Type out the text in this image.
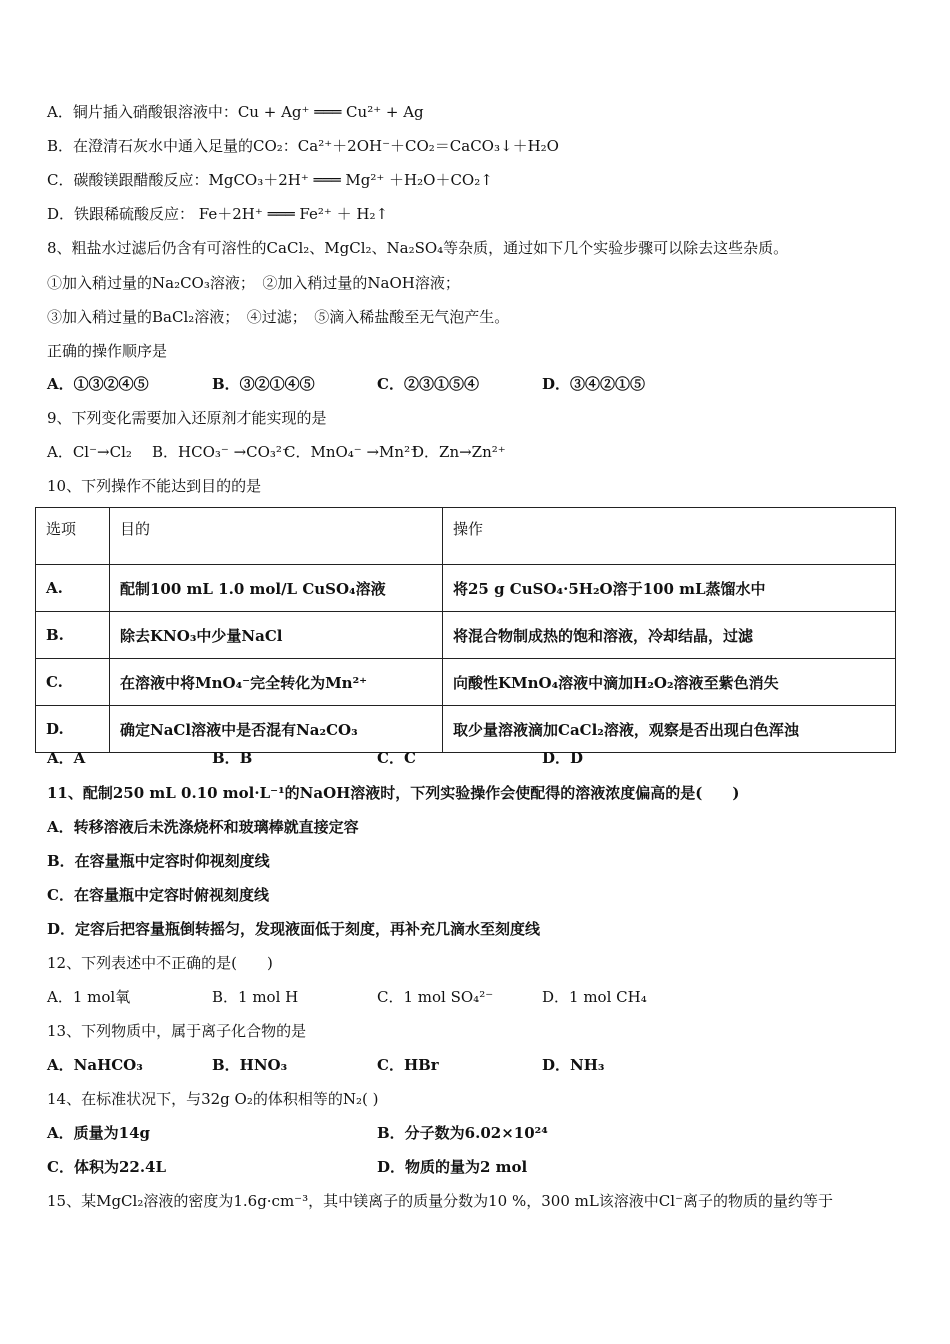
A．铜片插入硝酸银溶液中：Cu + Ag⁺ ═══ Cu²⁺ + Ag
B．在澄清石灰水中通入足量的CO₂：Ca²⁺＋2OH⁻＋CO₂＝CaCO₃↓＋H₂O
C．碳酸镁跟醋酸反应：MgCO₃＋2H⁺ ═══ Mg²⁺ ＋H₂O＋CO₂↑
D．铁跟稀硫酸反应： Fe＋2H⁺ ═══ Fe²⁺ ＋ H₂↑
8、粗盐水过滤后仍含有可溶性的CaCl₂、MgCl₂、Na₂SO₄等杂质，通过如下几个实验步骤可以除去这些杂质。
①加入稍过量的Na₂CO₃溶液；　②加入稍过量的NaOH溶液；
③加入稍过量的BaCl₂溶液；　④过滤；　⑤滴入稀盐酸至无气泡产生。
正确的操作顺序是
A．①③②④⑤	B．③②①④⑤	C．②③①⑤④	D．③④②①⑤
9、下列变化需要加入还原剂才能实现的是
A．Cl⁻→Cl₂ B．HCO₃⁻ →CO₃²⁻
C．MnO₄⁻ →Mn²⁺
D．Zn→Zn²⁺
10、下列操作不能达到目的的是
选项	目的	操作
A.	配制100 mL 1.0 mol/L CuSO₄溶液	将25 g CuSO₄·5H₂O溶于100 mL蒸馏水中
B.	除去KNO₃中少量NaCl	将混合物制成热的饱和溶液，冷却结晶，过滤
C.	在溶液中将MnO₄⁻完全转化为Mn²⁺	向酸性KMnO₄溶液中滴加H₂O₂溶液至紫色消失
D.	确定NaCl溶液中是否混有Na₂CO₃	取少量溶液滴加CaCl₂溶液，观察是否出现白色浑浊
A．A	B．B	C．C	D．D
11、配制250 mL 0.10 mol·L⁻¹的NaOH溶液时，下列实验操作会使配得的溶液浓度偏高的是(　　)
A．转移溶液后未洗涤烧杯和玻璃棒就直接定容
B．在容量瓶中定容时仰视刻度线
C．在容量瓶中定容时俯视刻度线
D．定容后把容量瓶倒转摇匀，发现液面低于刻度，再补充几滴水至刻度线
12、下列表述中不正确的是(　　)
A．1 mol氧	B．1 mol H	C．1 mol SO₄²⁻	D．1 mol CH₄
13、下列物质中，属于离子化合物的是
A．NaHCO₃	B．HNO₃	C．HBr	D．NH₃
14、在标准状况下，与32g O₂的体积相等的N₂( )
A．质量为14g	B．分子数为6.02×10²⁴
C．体积为22.4L	D．物质的量为2 mol
15、某MgCl₂溶液的密度为1.6g·cm⁻³，其中镁离子的质量分数为10 %，300 mL该溶液中Cl⁻离子的物质的量约等于
